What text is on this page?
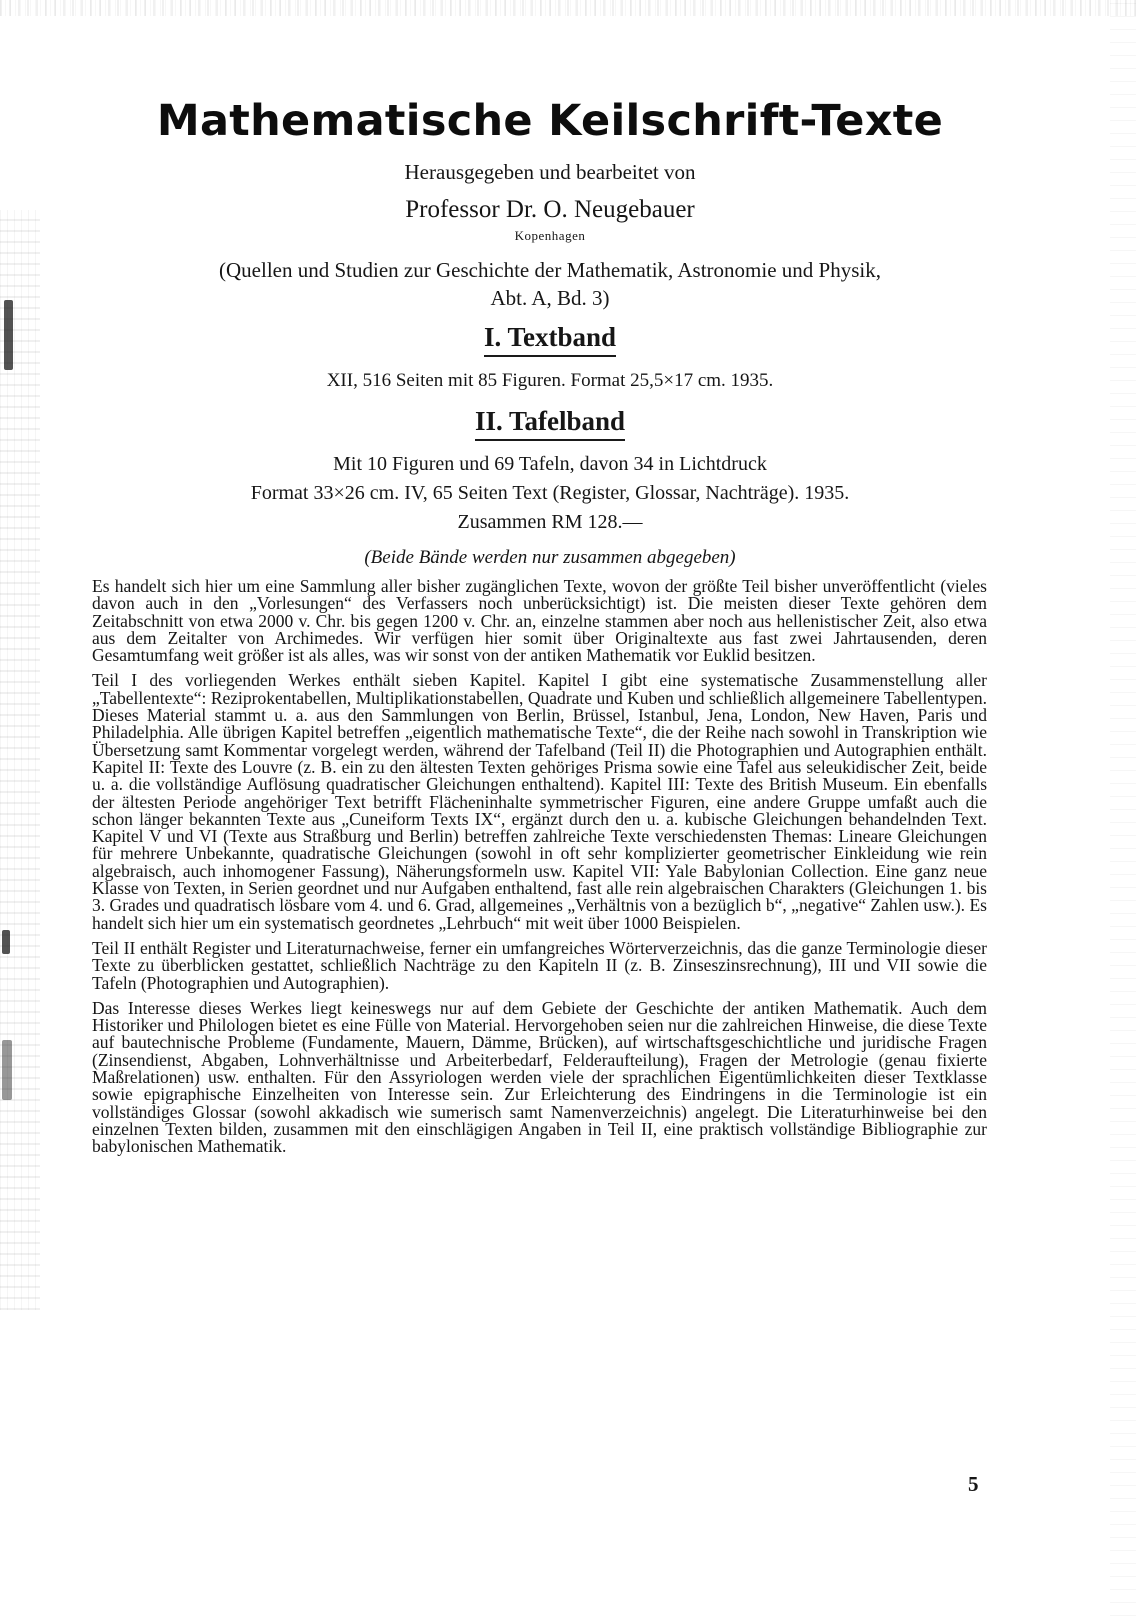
Mathematische Keilschrift-Texte

Herausgegeben und bearbeitet von

Professor Dr. O. Neugebauer

Kopenhagen

(Quellen und Studien zur Geschichte der Mathematik, Astronomie und Physik,

Abt. A, Bd. 3)

I. Textband

XII, 516 Seiten mit 85 Figuren. Format 25,5×17 cm. 1935.

II. Tafelband

Mit 10 Figuren und 69 Tafeln, davon 34 in Lichtdruck

Format 33×26 cm. IV, 65 Seiten Text (Register, Glossar, Nachträge). 1935.

Zusammen RM 128.—

(Beide Bände werden nur zusammen abgegeben)

Es handelt sich hier um eine Sammlung aller bisher zugänglichen Texte, wovon der größte Teil bisher unveröffentlicht (vieles davon auch in den „Vorlesungen“ des Verfassers noch unberücksichtigt) ist. Die meisten dieser Texte gehören dem Zeitabschnitt von etwa 2000 v. Chr. bis gegen 1200 v. Chr. an, einzelne stammen aber noch aus hellenistischer Zeit, also etwa aus dem Zeitalter von Archimedes. Wir verfügen hier somit über Originaltexte aus fast zwei Jahrtausenden, deren Gesamtumfang weit größer ist als alles, was wir sonst von der antiken Mathematik vor Euklid besitzen.

Teil I des vorliegenden Werkes enthält sieben Kapitel. Kapitel I gibt eine systematische Zusammenstellung aller „Tabellentexte“: Reziprokentabellen, Multiplikationstabellen, Quadrate und Kuben und schließlich allgemeinere Tabellentypen. Dieses Material stammt u. a. aus den Sammlungen von Berlin, Brüssel, Istanbul, Jena, London, New Haven, Paris und Philadelphia. Alle übrigen Kapitel betreffen „eigentlich mathematische Texte“, die der Reihe nach sowohl in Transkription wie Übersetzung samt Kommentar vorgelegt werden, während der Tafelband (Teil II) die Photographien und Autographien enthält. Kapitel II: Texte des Louvre (z. B. ein zu den ältesten Texten gehöriges Prisma sowie eine Tafel aus seleukidischer Zeit, beide u. a. die vollständige Auflösung quadratischer Gleichungen enthaltend). Kapitel III: Texte des British Museum. Ein ebenfalls der ältesten Periode angehöriger Text betrifft Flächeninhalte symmetrischer Figuren, eine andere Gruppe umfaßt auch die schon länger bekannten Texte aus „Cuneiform Texts IX“, ergänzt durch den u. a. kubische Gleichungen behandelnden Text. Kapitel V und VI (Texte aus Straßburg und Berlin) betreffen zahlreiche Texte verschiedensten Themas: Lineare Gleichungen für mehrere Unbekannte, quadratische Gleichungen (sowohl in oft sehr komplizierter geometrischer Einkleidung wie rein algebraisch, auch inhomogener Fassung), Näherungsformeln usw. Kapitel VII: Yale Babylonian Collection. Eine ganz neue Klasse von Texten, in Serien geordnet und nur Aufgaben enthaltend, fast alle rein algebraischen Charakters (Gleichungen 1. bis 3. Grades und quadratisch lösbare vom 4. und 6. Grad, allgemeines „Verhältnis von a bezüglich b“, „negative“ Zahlen usw.). Es handelt sich hier um ein systematisch geordnetes „Lehrbuch“ mit weit über 1000 Beispielen.

Teil II enthält Register und Literaturnachweise, ferner ein umfangreiches Wörterverzeichnis, das die ganze Terminologie dieser Texte zu überblicken gestattet, schließlich Nachträge zu den Kapiteln II (z. B. Zinseszinsrechnung), III und VII sowie die Tafeln (Photographien und Autographien).

Das Interesse dieses Werkes liegt keineswegs nur auf dem Gebiete der Geschichte der antiken Mathematik. Auch dem Historiker und Philologen bietet es eine Fülle von Material. Hervorgehoben seien nur die zahlreichen Hinweise, die diese Texte auf bautechnische Probleme (Fundamente, Mauern, Dämme, Brücken), auf wirtschaftsgeschichtliche und juridische Fragen (Zinsendienst, Abgaben, Lohnverhältnisse und Arbeiterbedarf, Felderaufteilung), Fragen der Metrologie (genau fixierte Maßrelationen) usw. enthalten. Für den Assyriologen werden viele der sprachlichen Eigentümlichkeiten dieser Textklasse sowie epigraphische Einzelheiten von Interesse sein. Zur Erleichterung des Eindringens in die Terminologie ist ein vollständiges Glossar (sowohl akkadisch wie sumerisch samt Namenverzeichnis) angelegt. Die Literaturhinweise bei den einzelnen Texten bilden, zusammen mit den einschlägigen Angaben in Teil II, eine praktisch vollständige Bibliographie zur babylonischen Mathematik.

5
